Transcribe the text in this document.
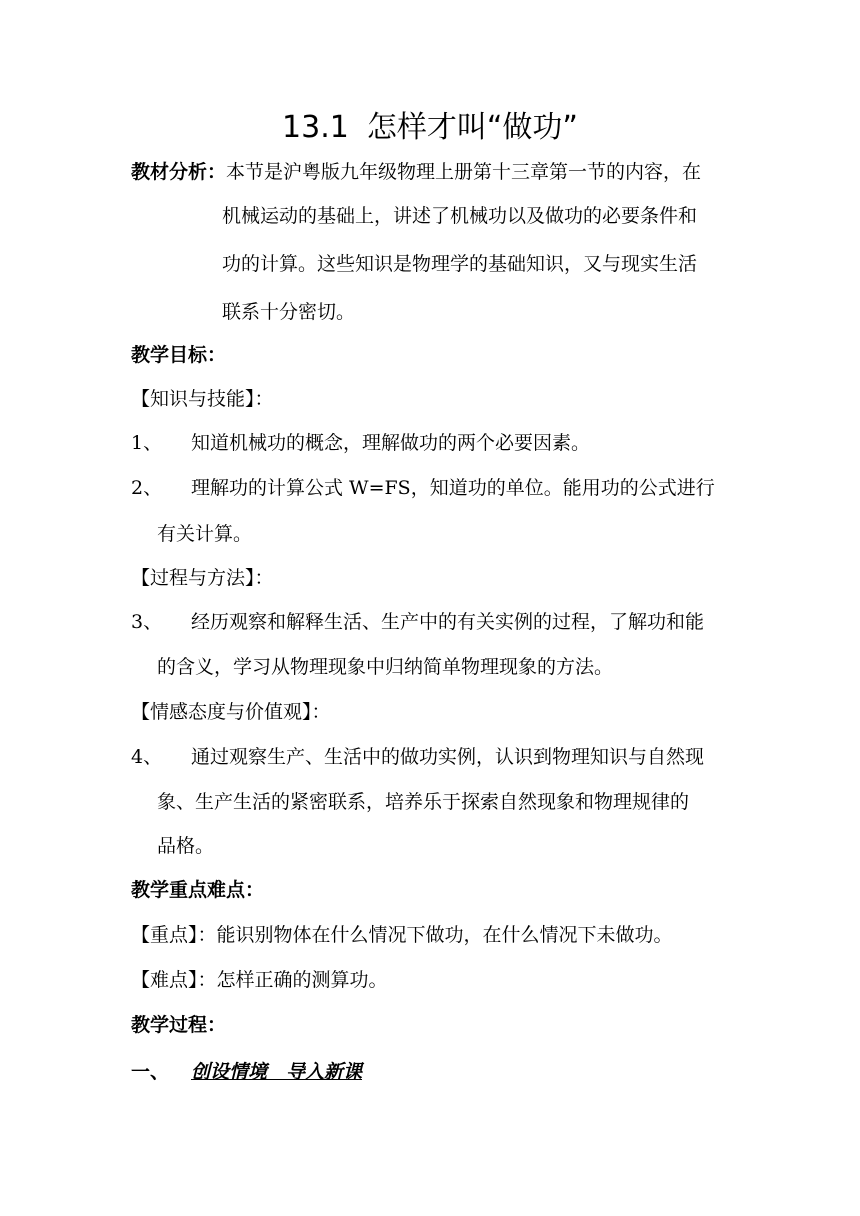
13.1 怎样才叫“做功”
教材分析：本节是沪粤版九年级物理上册第十三章第一节的内容，在
机械运动的基础上，讲述了机械功以及做功的必要条件和
功的计算。这些知识是物理学的基础知识，又与现实生活
联系十分密切。
教学目标：
【知识与技能】：
1、 知道机械功的概念，理解做功的两个必要因素。
2、 理解功的计算公式 W=FS，知道功的单位。能用功的公式进行
有关计算。
【过程与方法】：
3、 经历观察和解释生活、生产中的有关实例的过程，了解功和能
的含义，学习从物理现象中归纳简单物理现象的方法。
【情感态度与价值观】：
4、 通过观察生产、生活中的做功实例，认识到物理知识与自然现
象、生产生活的紧密联系，培养乐于探索自然现象和物理规律的
品格。
教学重点难点：
【重点】：能识别物体在什么情况下做功，在什么情况下未做功。
【难点】：怎样正确的测算功。
教学过程：
一、 创设情境　导入新课
